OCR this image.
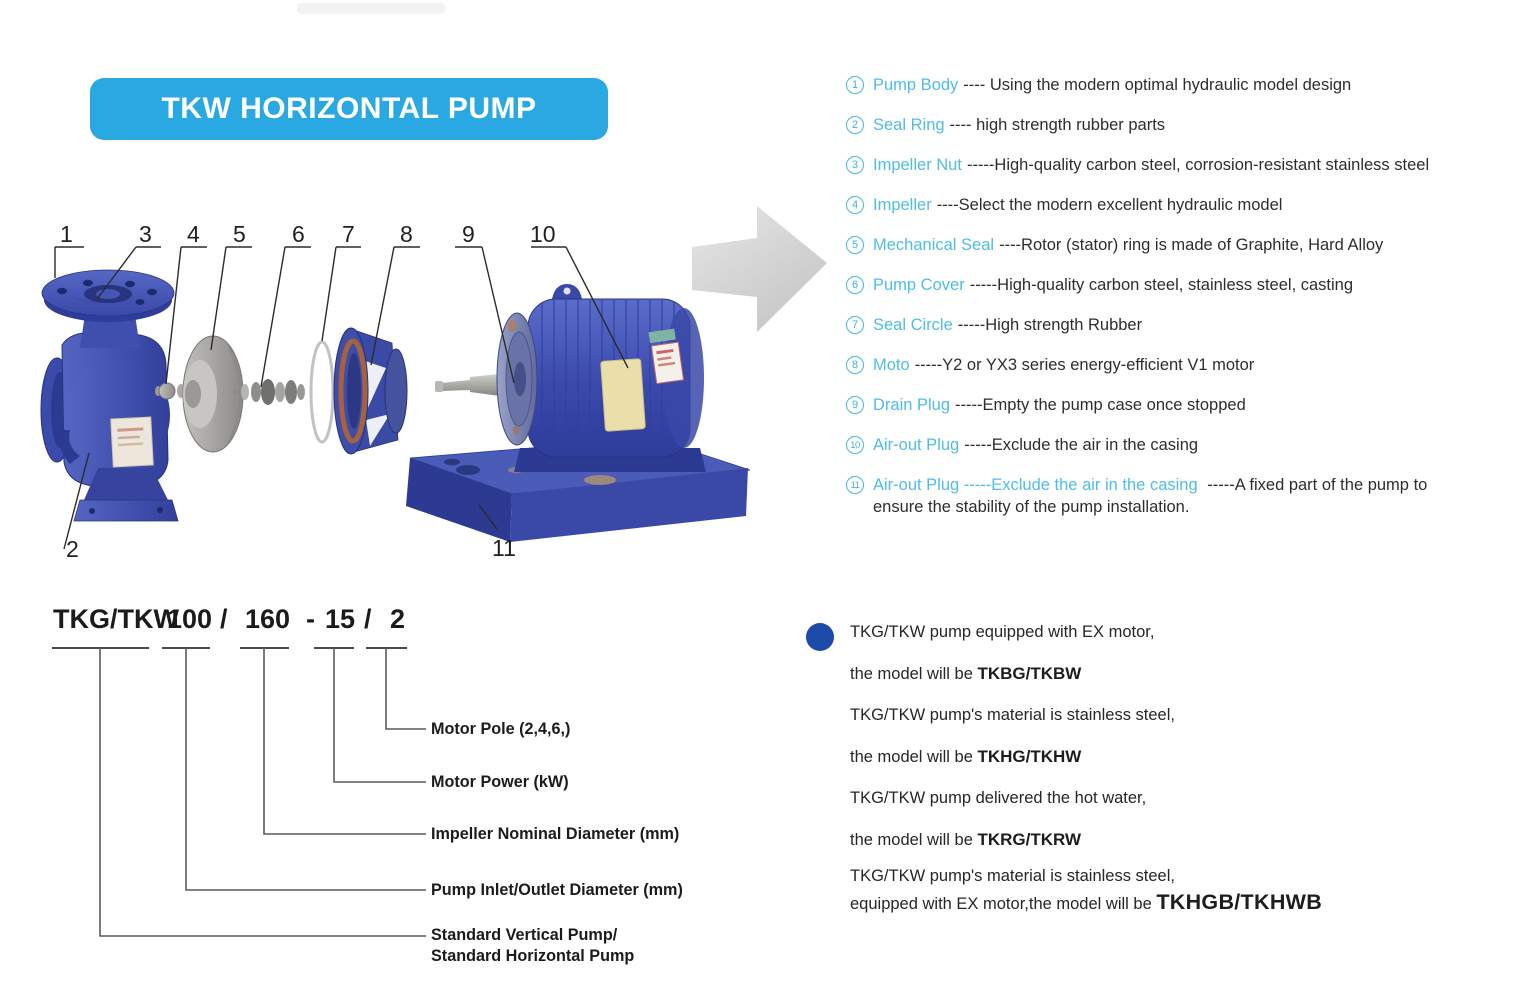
TKW HORIZONTAL PUMP
1	3 4 5 6 7 8 9 10
2	11
1 Pump Body ---- Using the modern optimal hydraulic model design
2 Seal Ring ---- high strength rubber parts
3 Impeller Nut -----High-quality carbon steel, corrosion-resistant stainless steel
4 Impeller ----Select the modern excellent hydraulic model
5 Mechanical Seal ----Rotor (stator) ring is made of Graphite, Hard Alloy
6 Pump Cover -----High-quality carbon steel, stainless steel, casting
7 Seal Circle -----High strength Rubber
8 Moto -----Y2 or YX3 series energy-efficient V1 motor
9 Drain Plug -----Empty the pump case once stopped
10 Air-out Plug -----Exclude the air in the casing
11 Air-out Plug -----Exclude the air in the casing -----A fixed part of the pump to
ensure the stability of the pump installation.
TKG/TKW
100 / 160 - 15 / 2
Motor Pole (2,4,6,)
Motor Power (kW)
Impeller Nominal Diameter (mm)
Pump Inlet/Outlet Diameter (mm)
Standard Vertical Pump/
Standard Horizontal Pump
TKG/TKW pump equipped with EX motor,
the model will be TKBG/TKBW
TKG/TKW pump's material is stainless steel,
the model will be TKHG/TKHW
TKG/TKW pump delivered the hot water,
the model will be TKRG/TKRW
TKG/TKW pump's material is stainless steel,
equipped with EX motor,the model will be TKHGB/TKHWB
